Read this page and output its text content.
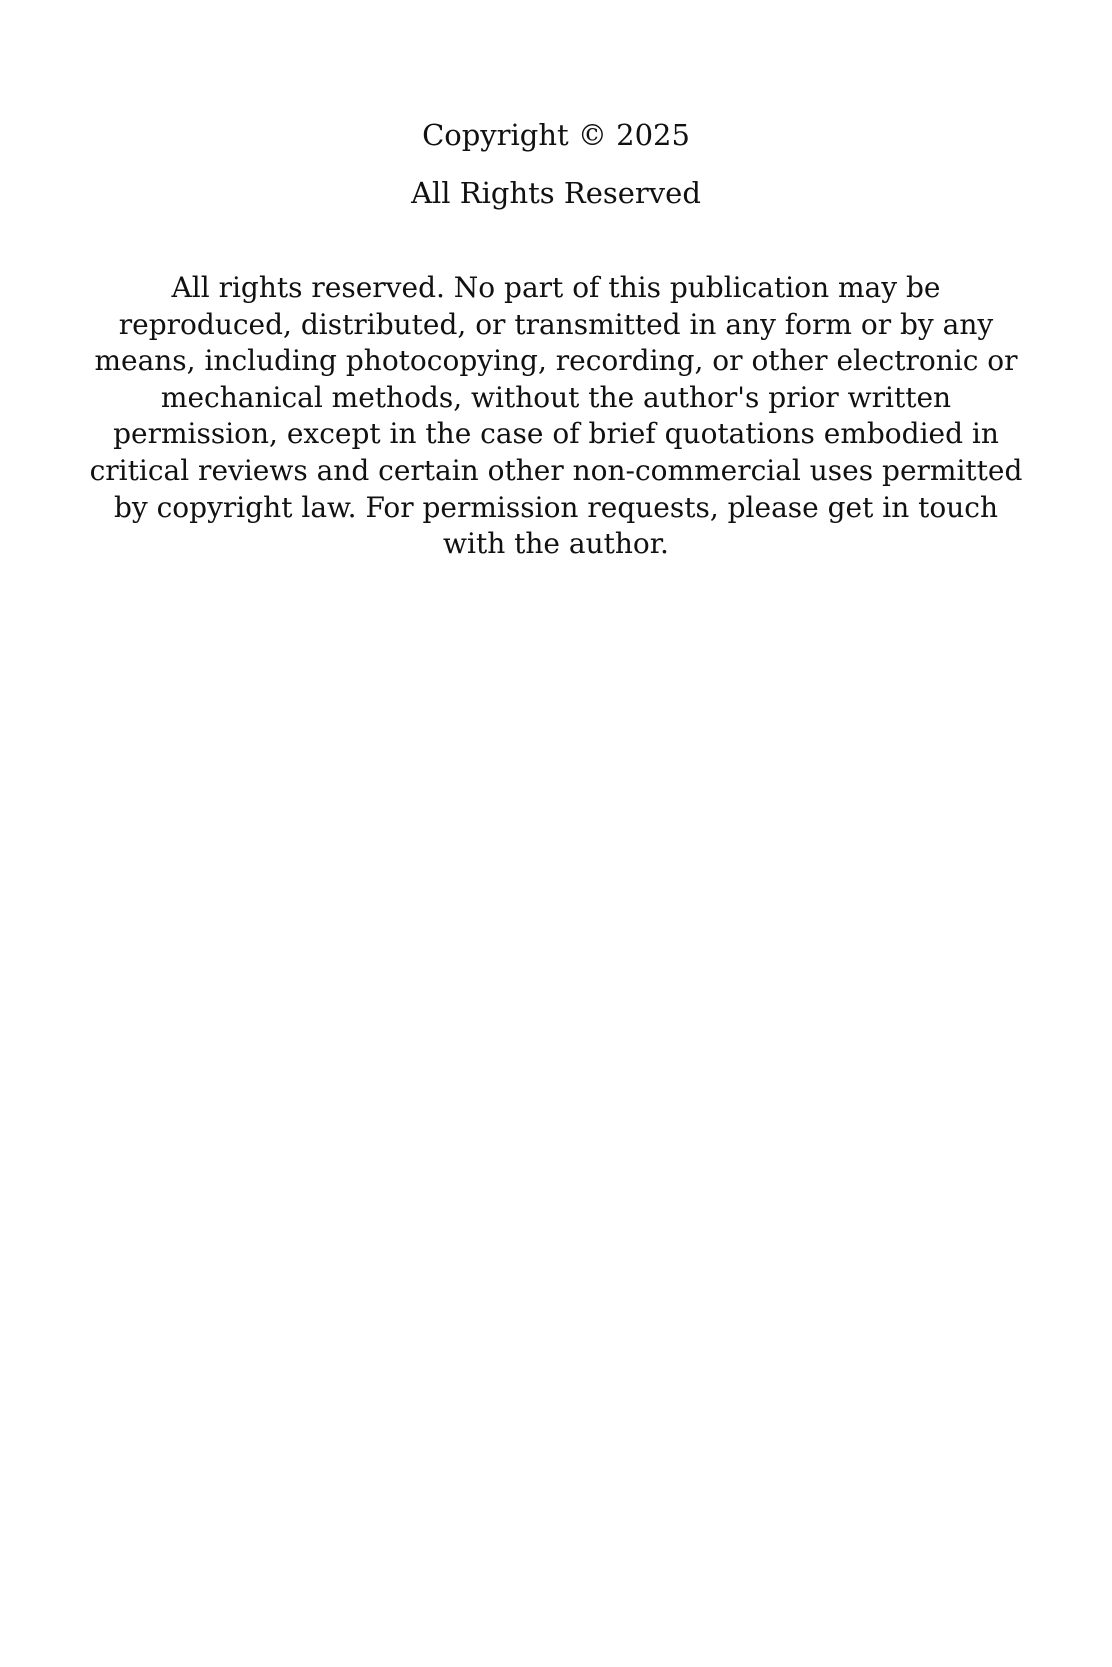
Copyright © 2025

All Rights Reserved

All rights reserved. No part of this publication may be reproduced, distributed, or transmitted in any form or by any means, including photocopying, recording, or other electronic or mechanical methods, without the author's prior written permission, except in the case of brief quotations embodied in critical reviews and certain other non-commercial uses permitted by copyright law. For permission requests, please get in touch with the author.
